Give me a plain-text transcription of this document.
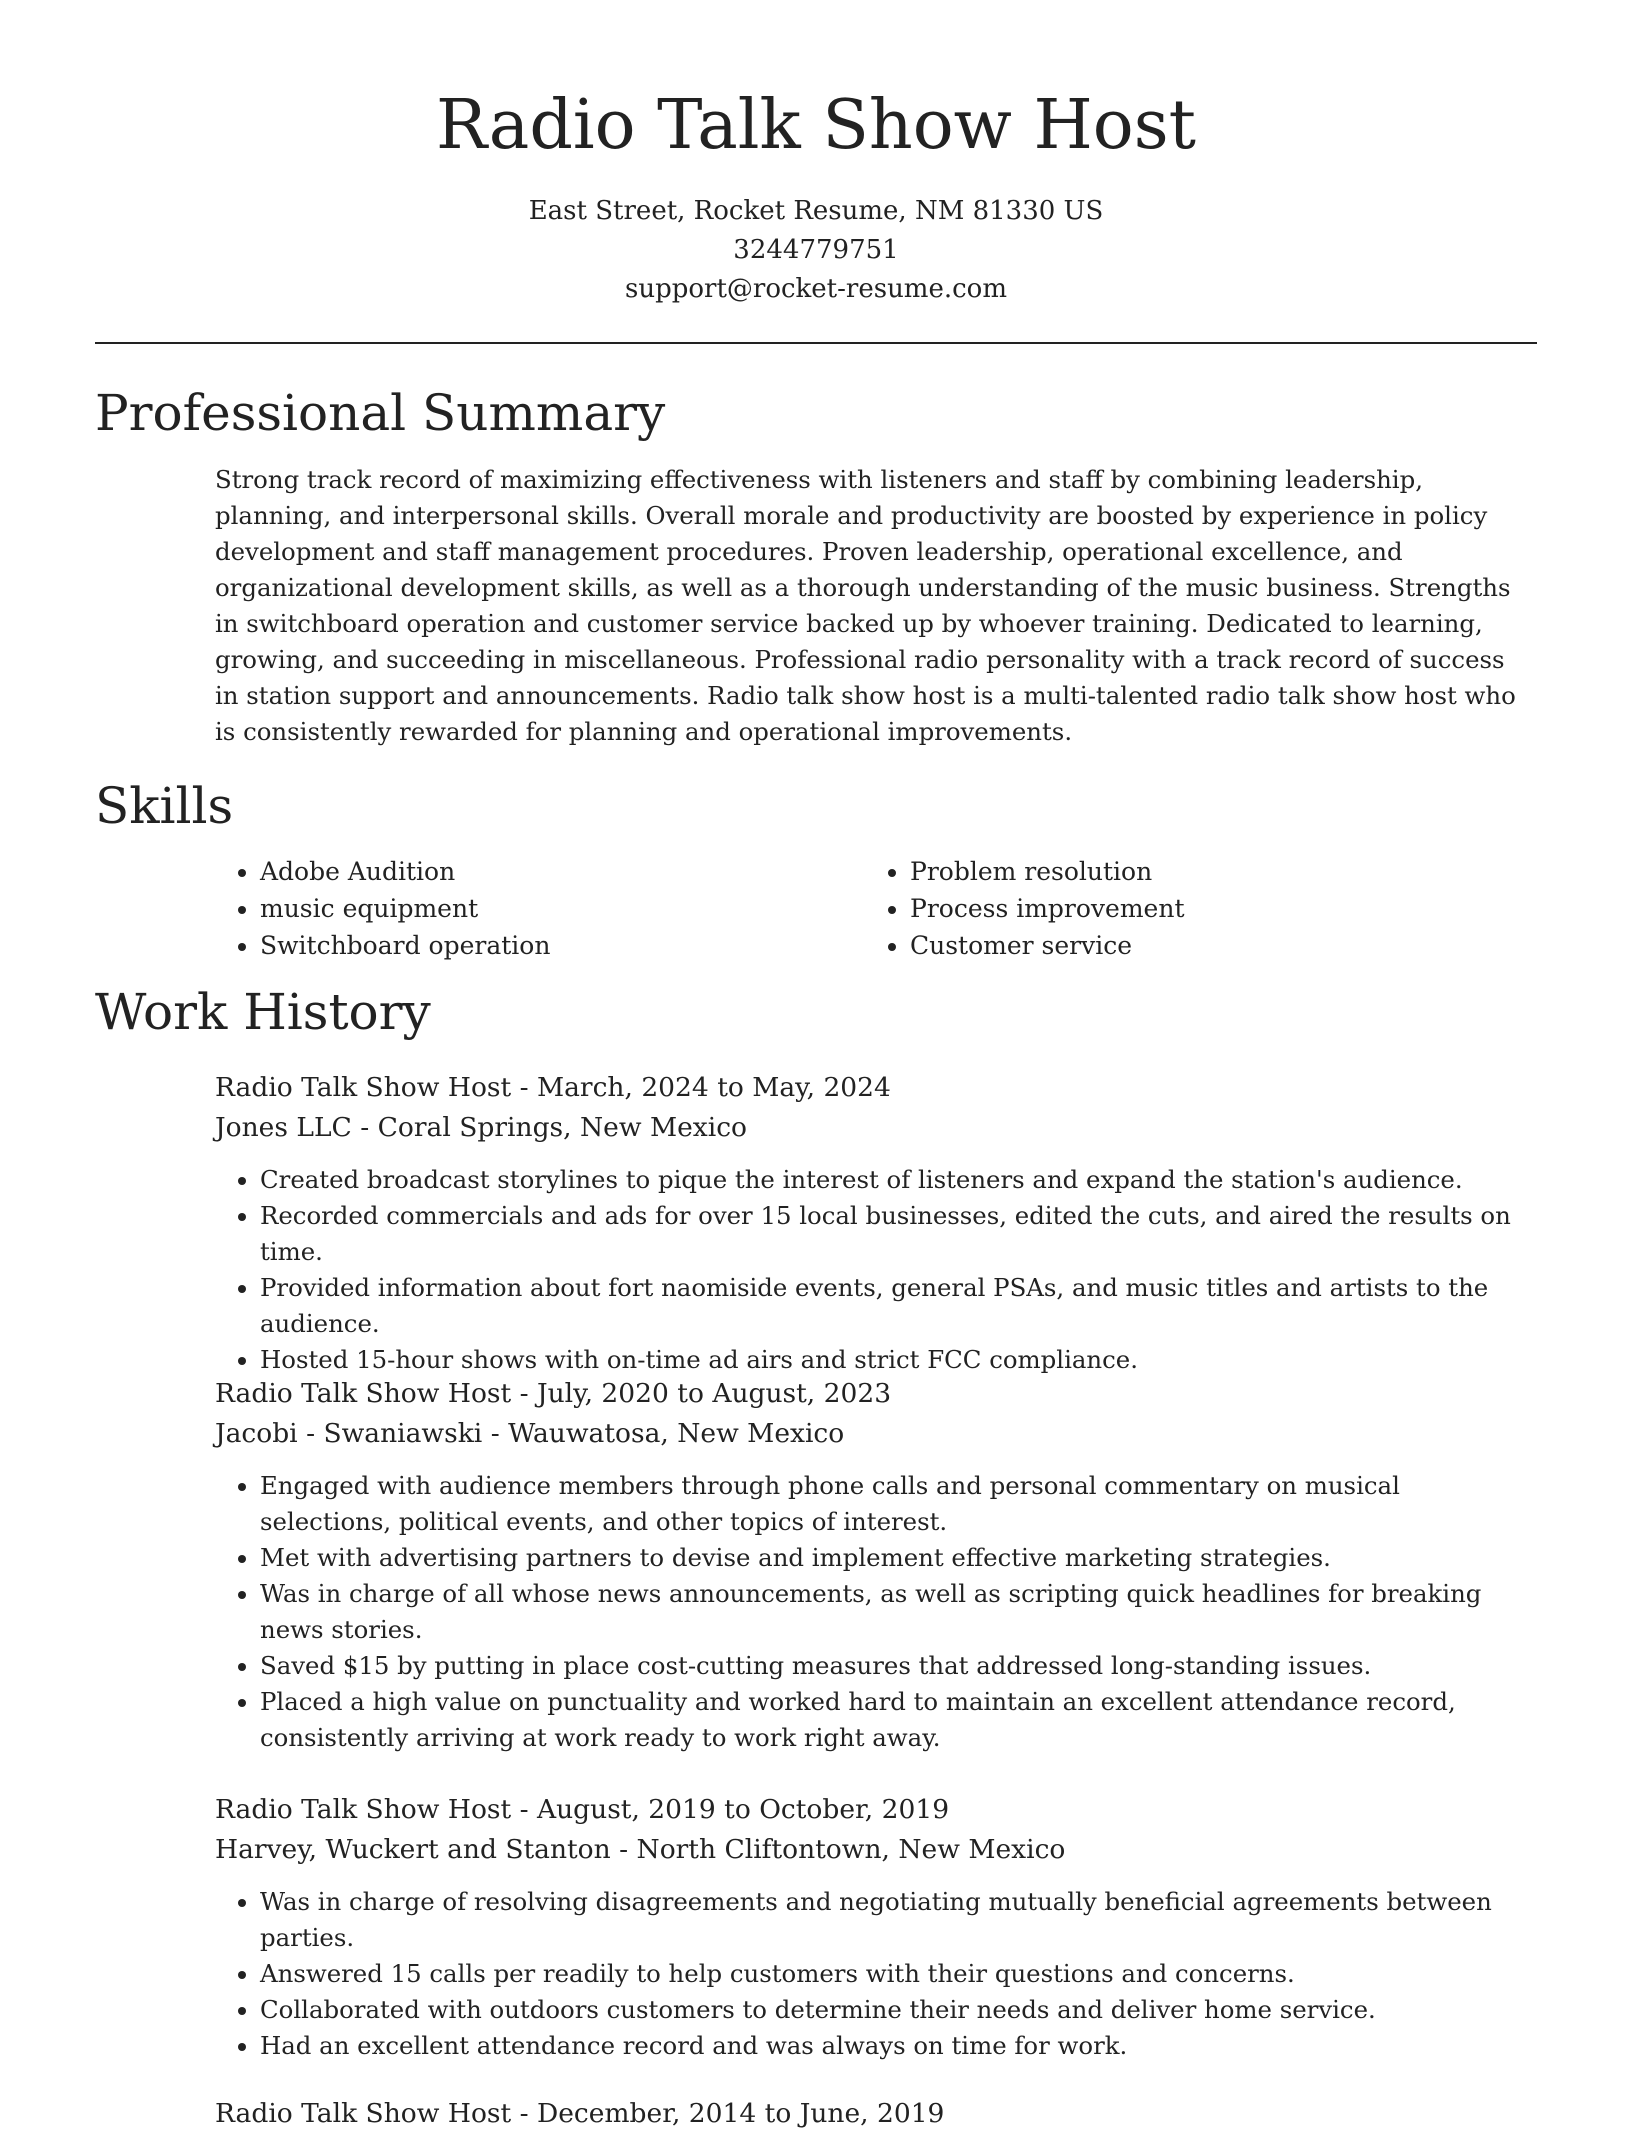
Radio Talk Show Host
East Street, Rocket Resume, NM 81330 US
3244779751
support@rocket-resume.com
Professional Summary

Strong track record of maximizing effectiveness with listeners and staff by combining leadership, planning, and interpersonal skills. Overall morale and productivity are boosted by experience in policy development and staff management procedures. Proven leadership, operational excellence, and organizational development skills, as well as a thorough understanding of the music business. Strengths in switchboard operation and customer service backed up by whoever training. Dedicated to learning, growing, and succeeding in miscellaneous. Professional radio personality with a track record of success in station support and announcements. Radio talk show host is a multi-talented radio talk show host who is consistently rewarded for planning and operational improvements.

Skills
• Adobe Audition
• music equipment
• Switchboard operation
• Problem resolution
• Process improvement
• Customer service
Work History
Radio Talk Show Host - March, 2024 to May, 2024
Jones LLC - Coral Springs, New Mexico
• Created broadcast storylines to pique the interest of listeners and expand the station's audience.
• Recorded commercials and ads for over 15 local businesses, edited the cuts, and aired the results on time.
• Provided information about fort naomiside events, general PSAs, and music titles and artists to the audience.
• Hosted 15-hour shows with on-time ad airs and strict FCC compliance.
Radio Talk Show Host - July, 2020 to August, 2023
Jacobi - Swaniawski - Wauwatosa, New Mexico
• Engaged with audience members through phone calls and personal commentary on musical selections, political events, and other topics of interest.
• Met with advertising partners to devise and implement effective marketing strategies.
• Was in charge of all whose news announcements, as well as scripting quick headlines for breaking news stories.
• Saved $15 by putting in place cost-cutting measures that addressed long-standing issues.
• Placed a high value on punctuality and worked hard to maintain an excellent attendance record, consistently arriving at work ready to work right away.
Radio Talk Show Host - August, 2019 to October, 2019
Harvey, Wuckert and Stanton - North Cliftontown, New Mexico
• Was in charge of resolving disagreements and negotiating mutually beneficial agreements between parties.
• Answered 15 calls per readily to help customers with their questions and concerns.
• Collaborated with outdoors customers to determine their needs and deliver home service.
• Had an excellent attendance record and was always on time for work.
Radio Talk Show Host - December, 2014 to June, 2019
